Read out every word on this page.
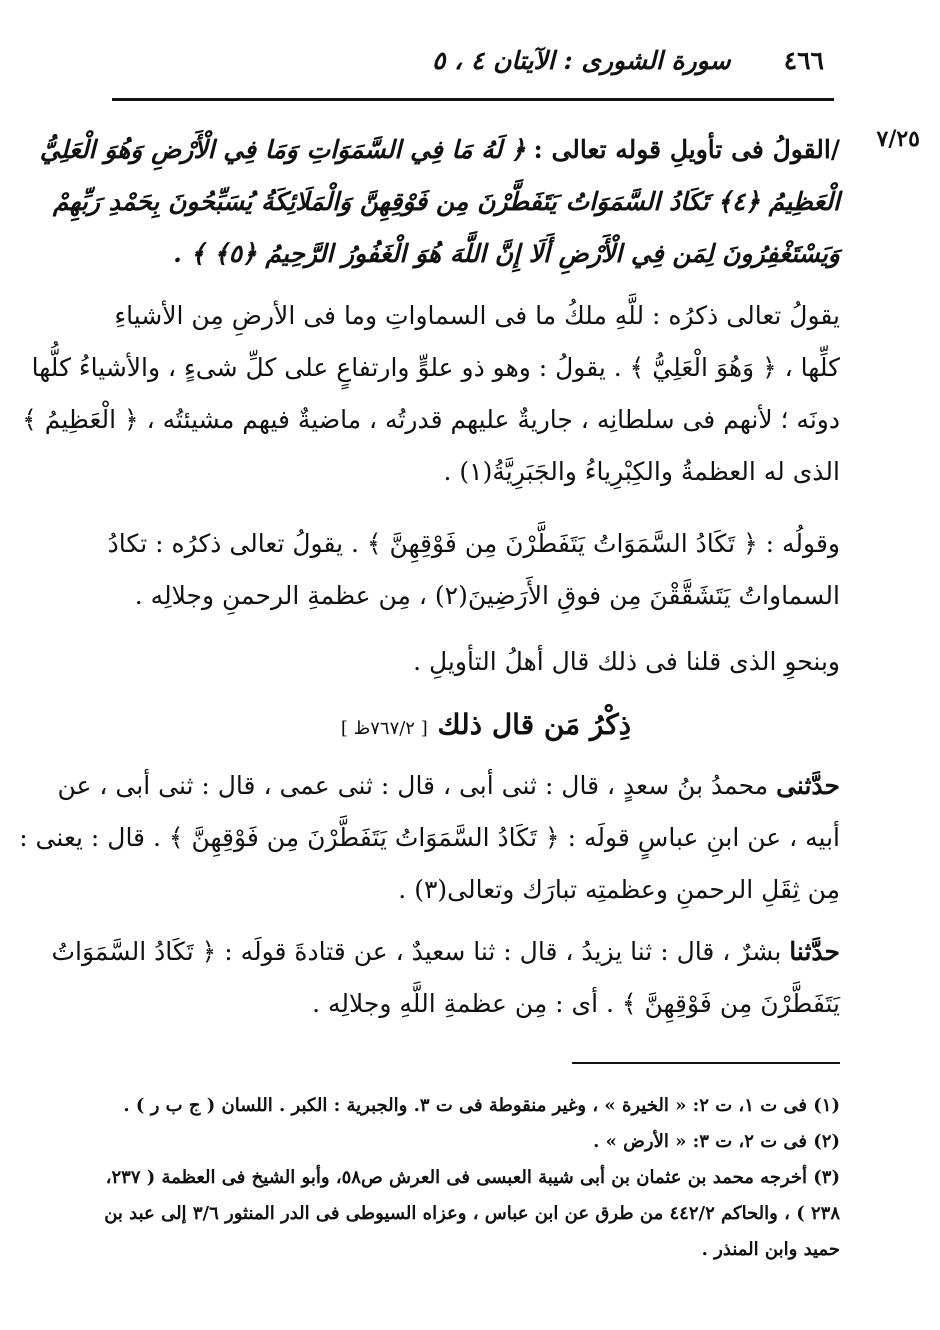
سورة الشورى : الآيتان ٤ ، ٥ ٤٦٦
٧/٢٥
/القولُ فى تأويلِ قوله تعالى : ﴿ لَهُ مَا فِي السَّمَوَاتِ وَمَا فِي الْأَرْضِ وَهُوَ الْعَلِيُّ
الْعَظِيمُ ﴿٤﴾ تَكَادُ السَّمَوَاتُ يَتَفَطَّرْنَ مِن فَوْقِهِنَّ وَالْمَلَائِكَةُ يُسَبِّحُونَ بِحَمْدِ رَبِّهِمْ
وَيَسْتَغْفِرُونَ لِمَن فِي الْأَرْضِ أَلَا إِنَّ اللَّهَ هُوَ الْغَفُورُ الرَّحِيمُ ﴿٥﴾ ﴾ .
يقولُ تعالى ذكرُه : للَّهِ ملكُ ما فى السماواتِ وما فى الأرضِ مِن الأشياءِ
كلِّها ، ﴿ وَهُوَ الْعَلِيُّ ﴾ . يقولُ : وهو ذو علوٍّ وارتفاعٍ على كلِّ شىءٍ ، والأشياءُ كلُّها
دونَه ؛ لأنهم فى سلطانِه ، جاريةٌ عليهم قدرتُه ، ماضيةٌ فيهم مشيئتُه ، ﴿ الْعَظِيمُ ﴾
الذى له العظمةُ والكِبْرِياءُ والجَبَرِيَّةُ(١) .
وقولُه : ﴿ تَكَادُ السَّمَوَاتُ يَتَفَطَّرْنَ مِن فَوْقِهِنَّ ﴾ . يقولُ تعالى ذكرُه : تكادُ
السماواتُ يَتَشَقَّقْنَ مِن فوقِ الأَرَضِينَ(٢) ، مِن عظمةِ الرحمنِ وجلالِه .
وبنحوِ الذى قلنا فى ذلك قال أهلُ التأويلِ .
ذِكْرُ مَن قال ذلك [ ٧٦٧/٢ظ ]
حدَّثنى محمدُ بنُ سعدٍ ، قال : ثنى أبى ، قال : ثنى عمى ، قال : ثنى أبى ، عن
أبيه ، عن ابنِ عباسٍ قولَه : ﴿ تَكَادُ السَّمَوَاتُ يَتَفَطَّرْنَ مِن فَوْقِهِنَّ ﴾ . قال : يعنى :
مِن ثِقَلِ الرحمنِ وعظمتِه تبارَك وتعالى(٣) .
حدَّثنا بشرٌ ، قال : ثنا يزيدُ ، قال : ثنا سعيدٌ ، عن قتادةَ قولَه : ﴿ تَكَادُ السَّمَوَاتُ
يَتَفَطَّرْنَ مِن فَوْقِهِنَّ ﴾ . أى : مِن عظمةِ اللَّهِ وجلالِه .
(١) فى ت ١، ت ٢: « الخيرة » ، وغير منقوطة فى ت ٣. والجبرية : الكبر . اللسان ( ج ب ر ) .
(٢) فى ت ٢، ت ٣: « الأرض » .
(٣) أخرجه محمد بن عثمان بن أبى شيبة العبسى فى العرش ص٥٨، وأبو الشيخ فى العظمة ( ٢٣٧،
٢٣٨ ) ، والحاكم ٤٤٢/٢ من طرق عن ابن عباس ، وعزاه السيوطى فى الدر المنثور ٣/٦ إلى عبد بن
حميد وابن المنذر .
